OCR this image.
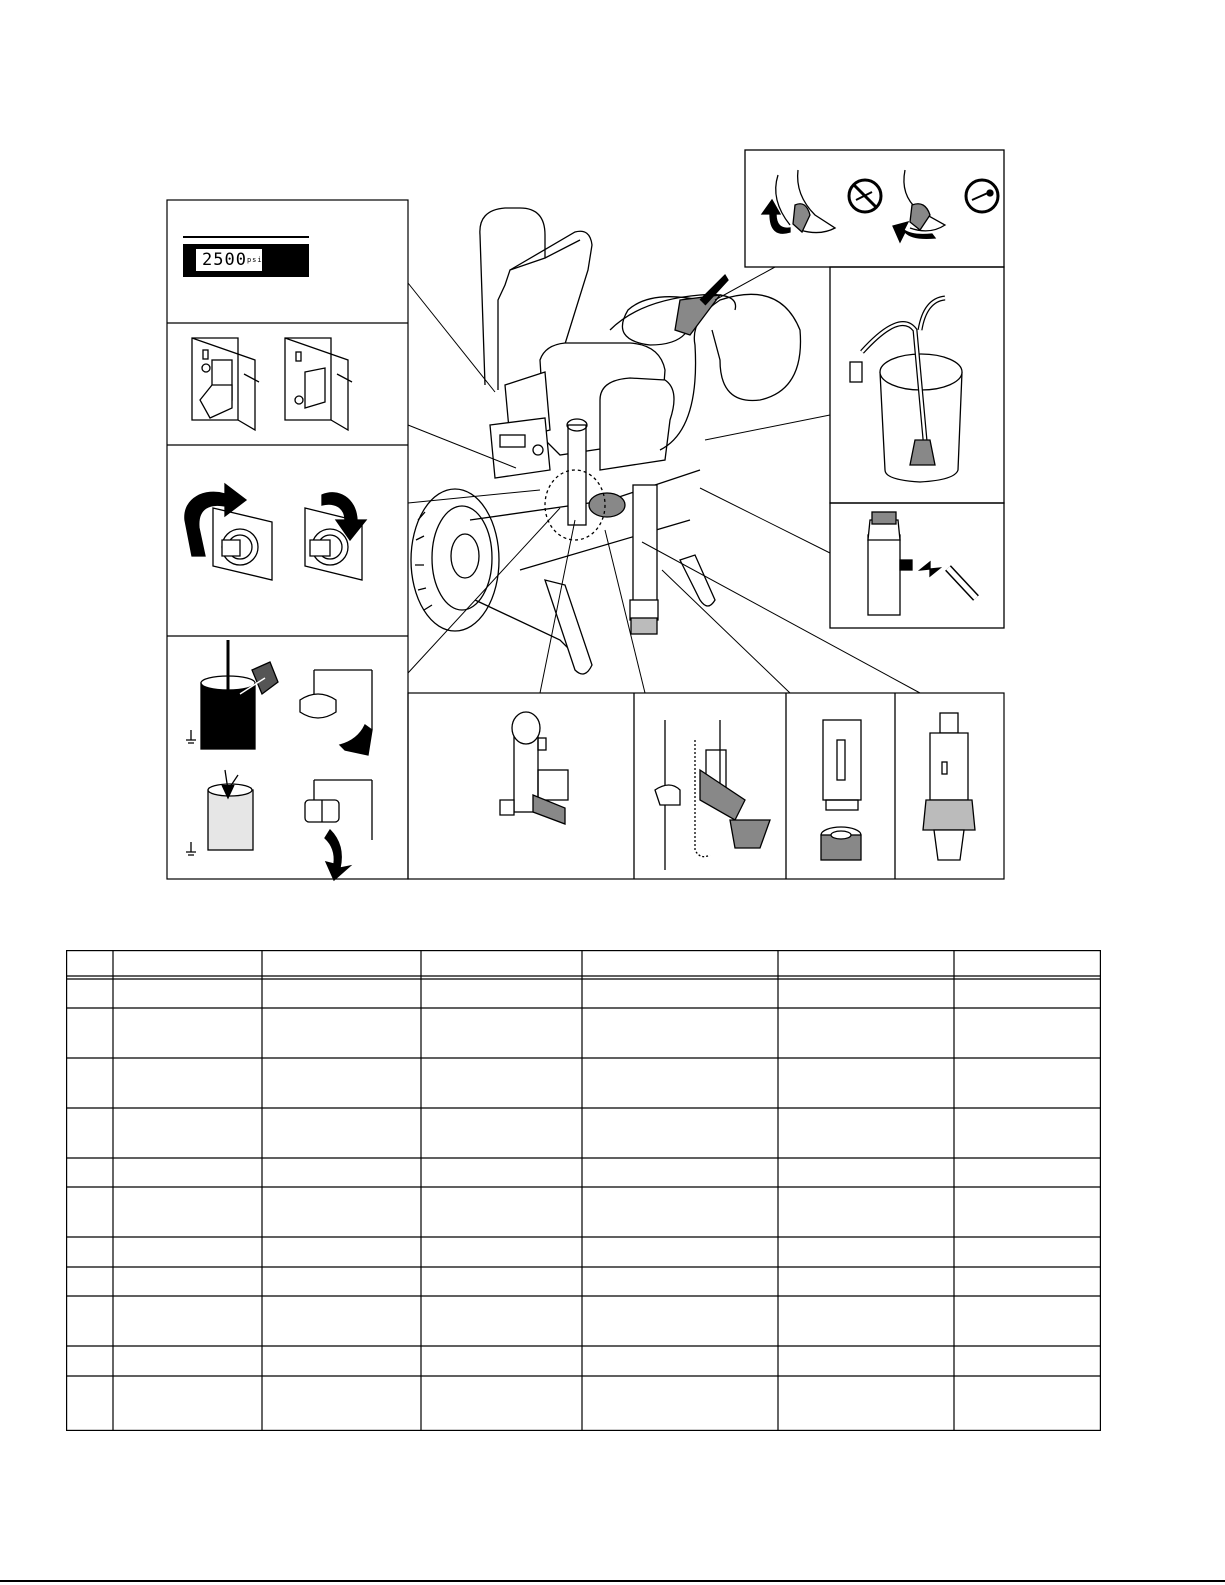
$2500^{psi}$
